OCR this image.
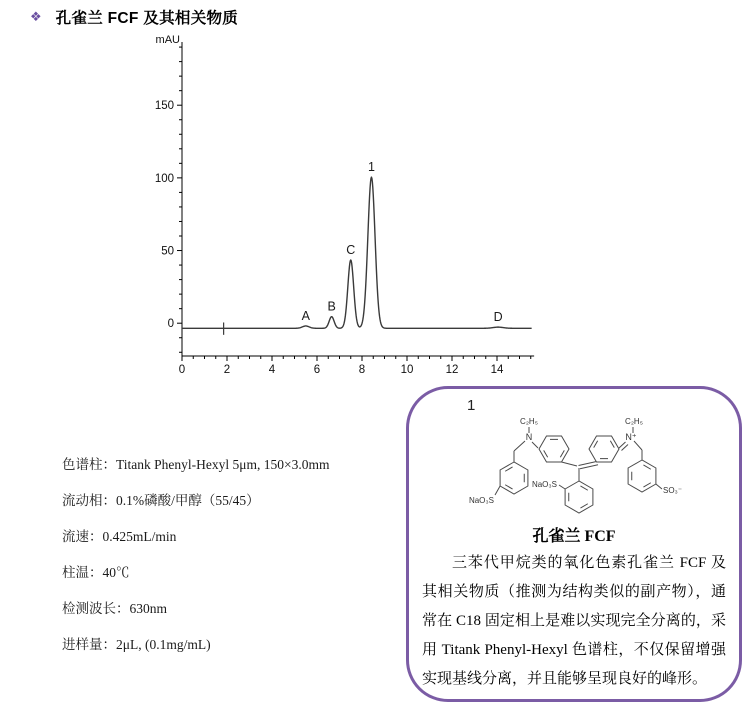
❖ 孔雀兰 FCF 及其相关物质
0
50
100
150
mAU
0	2	4	6	8	10	12	14
A
B
C
1
D
色谱柱：Titank Phenyl-Hexyl 5μm, 150×3.0mm
流动相：0.1%磷酸/甲醇（55/45）
流速：0.425mL/min
柱温：40℃
检测波长：630nm
进样量：2μL, (0.1mg/mL)
1
C₂H₅
N
C₂H₅
N⁺
NaO₃S
NaO₃S
SO₃⁻
孔雀兰 FCF
三苯代甲烷类的氧化色素孔雀兰 FCF 及其相关物质（推测为结构类似的副产物），通常在 C18 固定相上是难以实现完全分离的，采用 Titank Phenyl-Hexyl 色谱柱，不仅保留增强实现基线分离，并且能够呈现良好的峰形。
